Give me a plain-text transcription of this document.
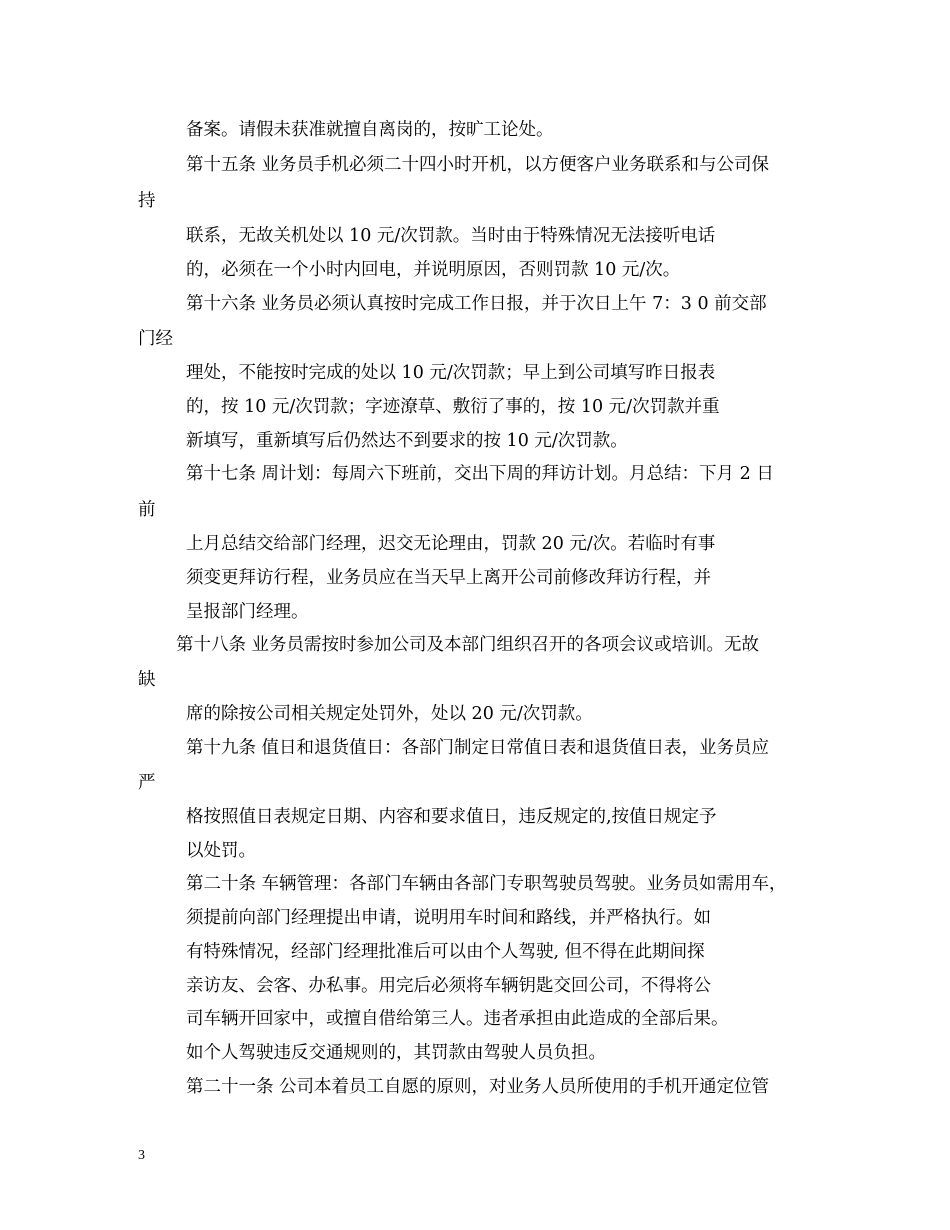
备案。请假未获准就擅自离岗的，按旷工论处。
第十五条 业务员手机必须二十四小时开机，以方便客户业务联系和与公司保
持
联系，无故关机处以 10 元/次罚款。当时由于特殊情况无法接听电话
的，必须在一个小时内回电，并说明原因，否则罚款 10 元/次。
第十六条 业务员必须认真按时完成工作日报，并于次日上午 7：3 0 前交部
门经
理处，不能按时完成的处以 10 元/次罚款；早上到公司填写昨日报表
的，按 10 元/次罚款；字迹潦草、敷衍了事的，按 10 元/次罚款并重
新填写，重新填写后仍然达不到要求的按 10 元/次罚款。
第十七条 周计划：每周六下班前，交出下周的拜访计划。月总结：下月 2 日
前
上月总结交给部门经理，迟交无论理由，罚款 20 元/次。若临时有事
须变更拜访行程，业务员应在当天早上离开公司前修改拜访行程，并
呈报部门经理。
第十八条 业务员需按时参加公司及本部门组织召开的各项会议或培训。无故
缺
席的除按公司相关规定处罚外，处以 20 元/次罚款。
第十九条 值日和退货值日：各部门制定日常值日表和退货值日表，业务员应
严
格按照值日表规定日期、内容和要求值日，违反规定的,按值日规定予
以处罚。
第二十条 车辆管理：各部门车辆由各部门专职驾驶员驾驶。业务员如需用车，
须提前向部门经理提出申请，说明用车时间和路线，并严格执行。如
有特殊情况，经部门经理批准后可以由个人驾驶, 但不得在此期间探
亲访友、会客、办私事。用完后必须将车辆钥匙交回公司，不得将公
司车辆开回家中，或擅自借给第三人。违者承担由此造成的全部后果。
如个人驾驶违反交通规则的，其罚款由驾驶人员负担。
第二十一条 公司本着员工自愿的原则，对业务人员所使用的手机开通定位管
3
